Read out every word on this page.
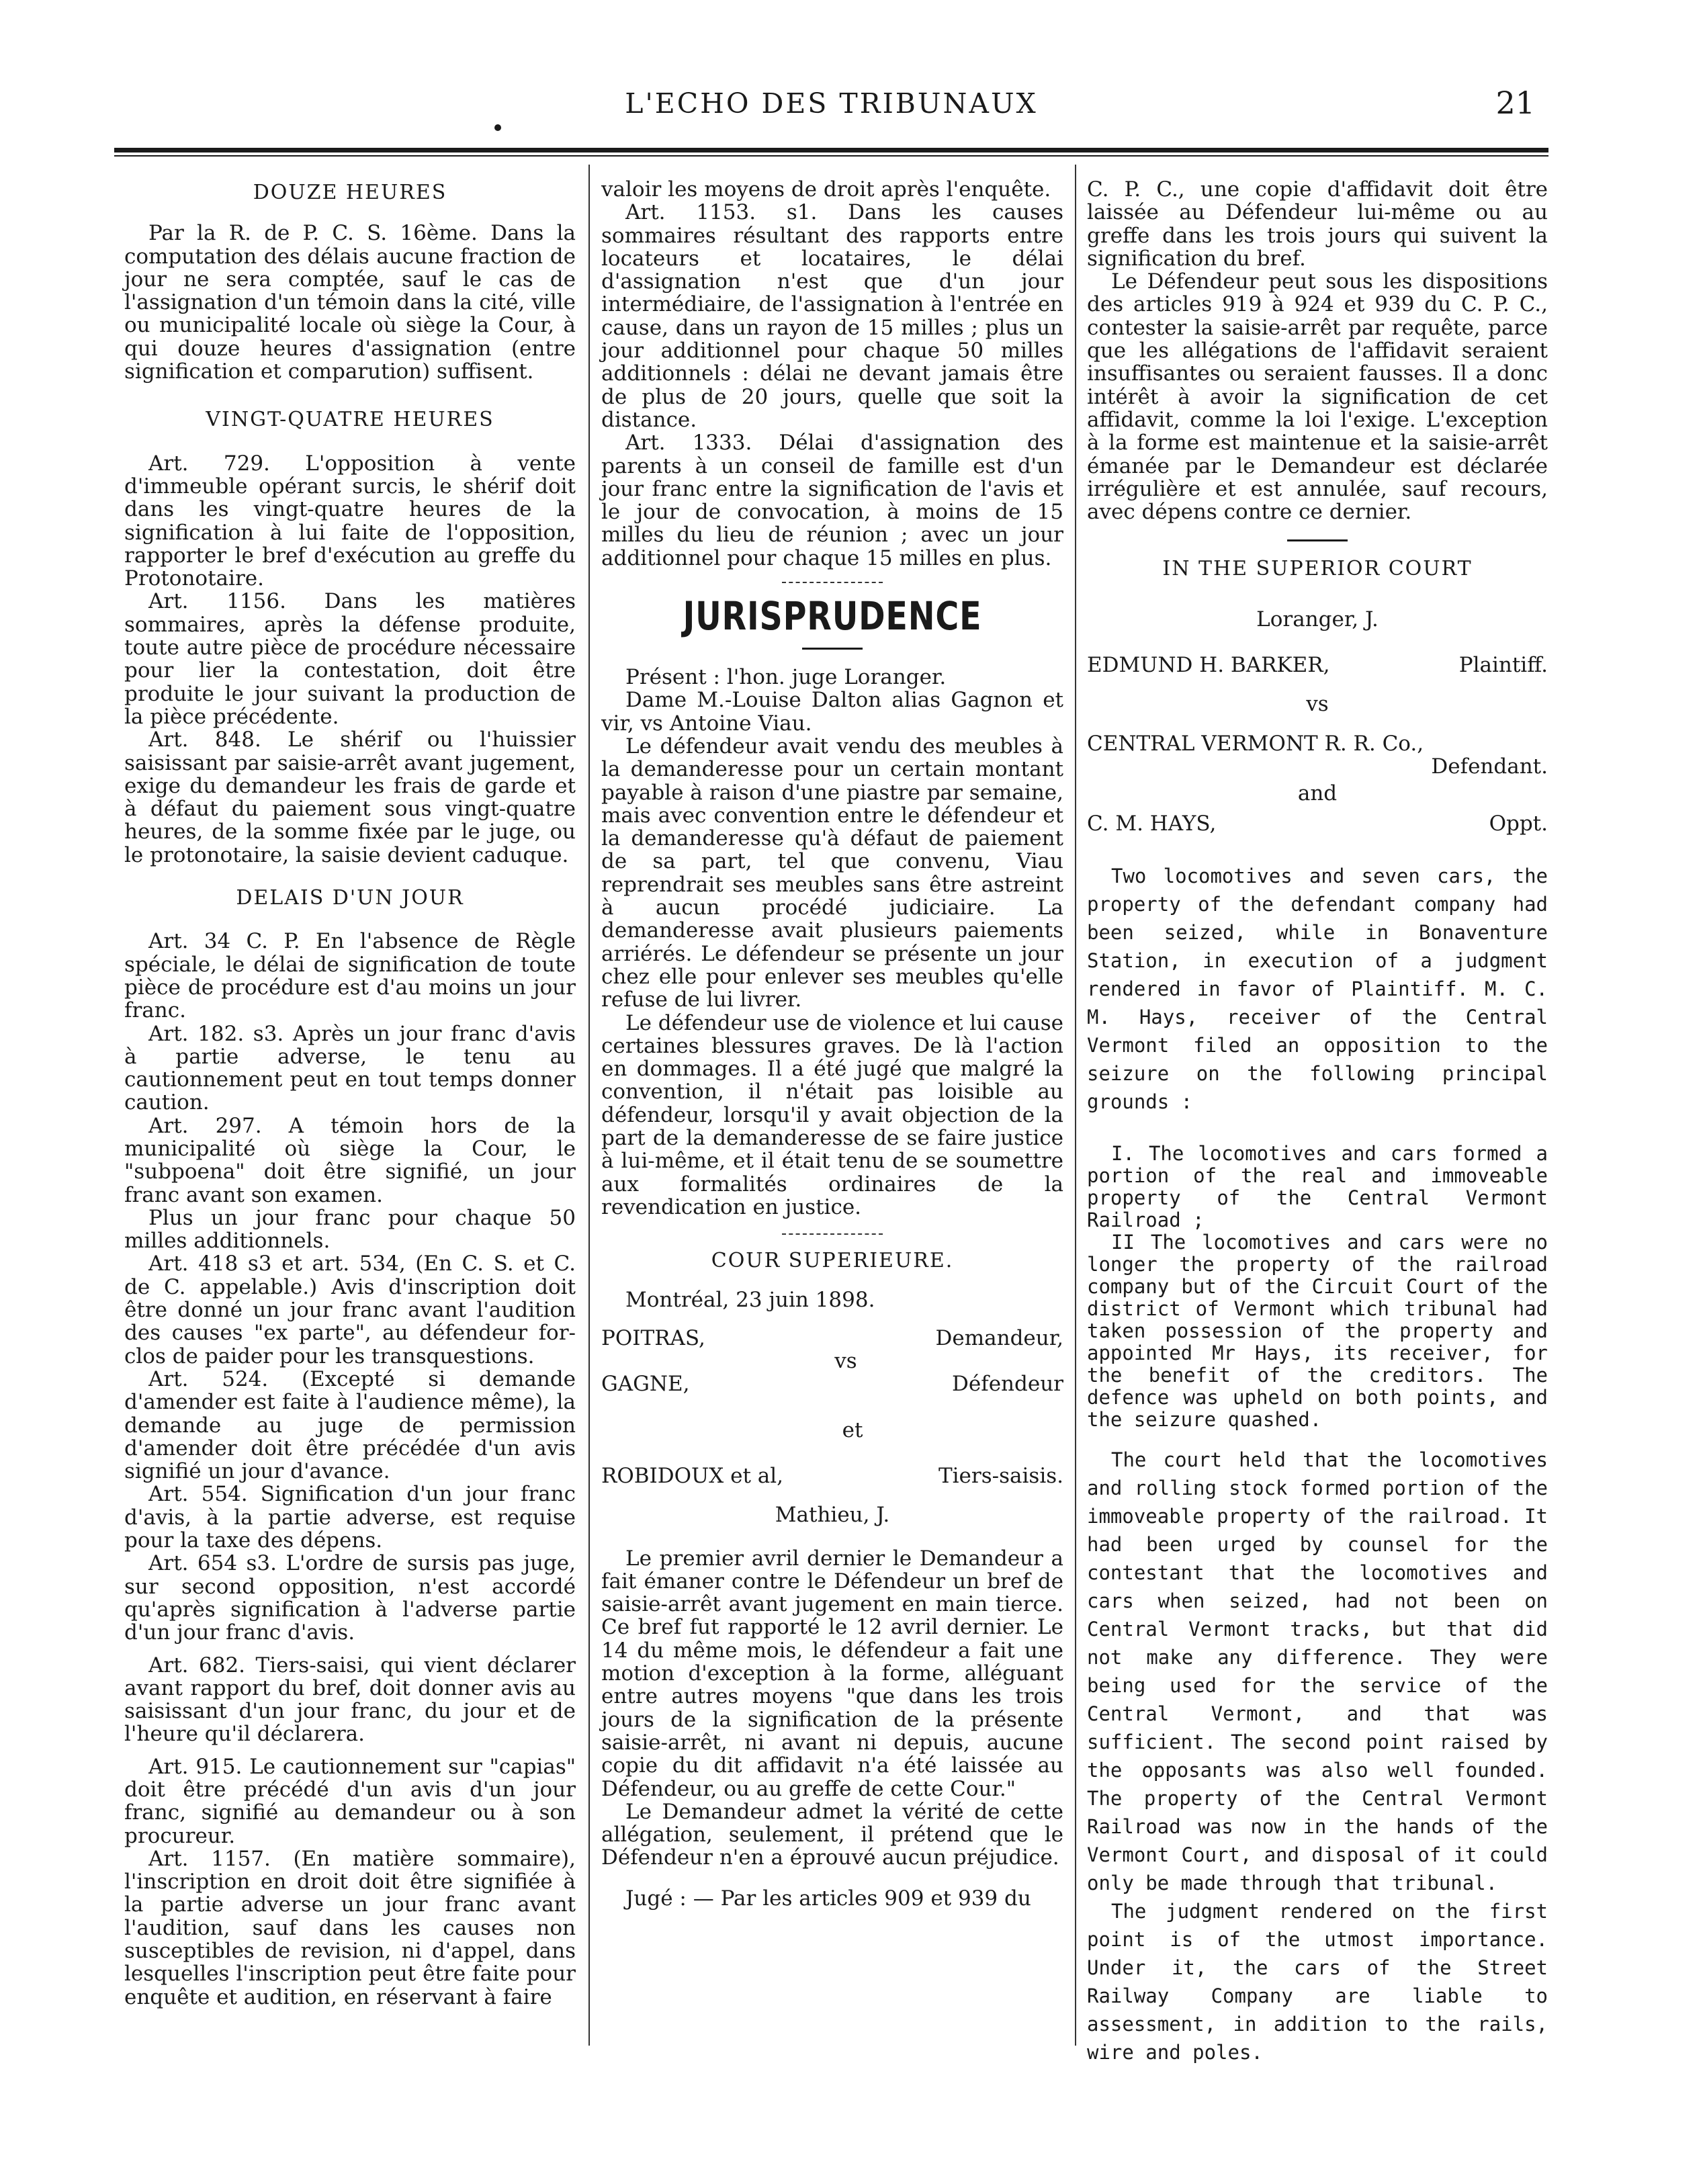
L'ECHO DES TRIBUNAUX	21
DOUZE HEURES

Par la R. de P. C. S. 16ème. Dans la computation des délais aucune fraction de jour ne sera comptée, sauf le cas de l'assignation d'un témoin dans la cité, ville ou municipalité locale où siège la Cour, à qui douze heures d'assignation (entre signification et comparution) suffisent.

VINGT-QUATRE HEURES

Art. 729. L'opposition à vente d'immeuble opérant surcis, le shérif doit dans les vingt-quatre heures de la signification à lui faite de l'opposition, rapporter le bref d'exécution au greffe du Protonotaire.

Art. 1156. Dans les matières sommaires, après la défense produite, toute autre pièce de procédure nécessaire pour lier la contestation, doit être produite le jour suivant la production de la pièce précédente.

Art. 848. Le shérif ou l'huissier saisissant par saisie-arrêt avant jugement, exige du demandeur les frais de garde et à défaut du paiement sous vingt-quatre heures, de la somme fixée par le juge, ou le protonotaire, la saisie devient caduque.

DELAIS D'UN JOUR

Art. 34 C. P. En l'absence de Règle spéciale, le délai de signification de toute pièce de procédure est d'au moins un jour franc.

Art. 182. s3. Après un jour franc d'avis à partie adverse, le tenu au cautionnement peut en tout temps donner caution.

Art. 297. A témoin hors de la municipalité où siège la Cour, le "subpoena" doit être signifié, un jour franc avant son examen.

Plus un jour franc pour chaque 50 milles additionnels.

Art. 418 s3 et art. 534, (En C. S. et C. de C. appelable.) Avis d'inscription doit être donné un jour franc avant l'audition des causes "ex parte", au défendeur for-clos de paider pour les transquestions.

Art. 524. (Excepté si demande d'amender est faite à l'audience même), la demande au juge de permission d'amender doit être précédée d'un avis signifié un jour d'avance.

Art. 554. Signification d'un jour franc d'avis, à la partie adverse, est requise pour la taxe des dépens.

Art. 654 s3. L'ordre de sursis pas juge, sur second opposition, n'est accordé qu'après signification à l'adverse partie d'un jour franc d'avis.

Art. 682. Tiers-saisi, qui vient déclarer avant rapport du bref, doit donner avis au saisissant d'un jour franc, du jour et de l'heure qu'il déclarera.

Art. 915. Le cautionnement sur "capias" doit être précédé d'un avis d'un jour franc, signifié au demandeur ou à son procureur.

Art. 1157. (En matière sommaire), l'inscription en droit doit être signifiée à la partie adverse un jour franc avant l'audition, sauf dans les causes non susceptibles de revision, ni d'appel, dans lesquelles l'inscription peut être faite pour enquête et audition, en réservant à faire

valoir les moyens de droit après l'enquête.

Art. 1153. s1. Dans les causes sommaires résultant des rapports entre locateurs et locataires, le délai d'assignation n'est que d'un jour intermédiaire, de l'assignation à l'entrée en cause, dans un rayon de 15 milles ; plus un jour additionnel pour chaque 50 milles additionnels : délai ne devant jamais être de plus de 20 jours, quelle que soit la distance.

Art. 1333. Délai d'assignation des parents à un conseil de famille est d'un jour franc entre la signification de l'avis et le jour de convocation, à moins de 15 milles du lieu de réunion ; avec un jour additionnel pour chaque 15 milles en plus.

JURISPRUDENCE

Présent : l'hon. juge Loranger.

Dame M.-Louise Dalton alias Gagnon et vir, vs Antoine Viau.

Le défendeur avait vendu des meubles à la demanderesse pour un certain montant payable à raison d'une piastre par semaine, mais avec convention entre le défendeur et la demanderesse qu'à défaut de paiement de sa part, tel que convenu, Viau reprendrait ses meubles sans être astreint à aucun procédé judiciaire. La demanderesse avait plusieurs paiements arriérés. Le défendeur se présente un jour chez elle pour enlever ses meubles qu'elle refuse de lui livrer.

Le défendeur use de violence et lui cause certaines blessures graves. De là l'action en dommages. Il a été jugé que malgré la convention, il n'était pas loisible au défendeur, lorsqu'il y avait objection de la part de la demanderesse de se faire justice à lui-même, et il était tenu de se soumettre aux formalités ordinaires de la revendication en justice.

COUR SUPERIEURE.

Montréal, 23 juin 1898.

POITRAS,	Demandeur,
vs
GAGNE,	Défendeur
et
ROBIDOUX et al,	Tiers-saisis.
Mathieu, J.

Le premier avril dernier le Demandeur a fait émaner contre le Défendeur un bref de saisie-arrêt avant jugement en main tierce. Ce bref fut rapporté le 12 avril dernier. Le 14 du même mois, le défendeur a fait une motion d'exception à la forme, alléguant entre autres moyens "que dans les trois jours de la signification de la présente saisie-arrêt, ni avant ni depuis, aucune copie du dit affidavit n'a été laissée au Défendeur, ou au greffe de cette Cour."

Le Demandeur admet la vérité de cette allégation, seulement, il prétend que le Défendeur n'en a éprouvé aucun préjudice.

Jugé : — Par les articles 909 et 939 du

C. P. C., une copie d'affidavit doit être laissée au Défendeur lui-même ou au greffe dans les trois jours qui suivent la signification du bref.

Le Défendeur peut sous les dispositions des articles 919 à 924 et 939 du C. P. C., contester la saisie-arrêt par requête, parce que les allégations de l'affidavit seraient insuffisantes ou seraient fausses. Il a donc intérêt à avoir la signification de cet affidavit, comme la loi l'exige. L'exception à la forme est maintenue et la saisie-arrêt émanée par le Demandeur est déclarée irrégulière et est annulée, sauf recours, avec dépens contre ce dernier.

IN THE SUPERIOR COURT
Loranger, J.
EDMUND H. BARKER,	Plaintiff.
vs
CENTRAL VERMONT R. R. Co.,
Defendant.
and
C. M. HAYS,	Oppt.

Two locomotives and seven cars, the property of the defendant company had been seized, while in Bonaventure Station, in execution of a judgment rendered in favor of Plaintiff. M. C. M. Hays, receiver of the Central Vermont filed an opposition to the seizure on the following principal grounds :

I. The locomotives and cars formed a portion of the real and immoveable property of the Central Vermont Railroad ;

II The locomotives and cars were no longer the property of the railroad company but of the Circuit Court of the district of Vermont which tribunal had taken possession of the property and appointed Mr Hays, its receiver, for the benefit of the creditors. The defence was upheld on both points, and the seizure quashed.

The court held that the locomotives and rolling stock formed portion of the immoveable property of the railroad. It had been urged by counsel for the contestant that the locomotives and cars when seized, had not been on Central Vermont tracks, but that did not make any difference. They were being used for the service of the Central Vermont, and that was sufficient. The second point raised by the opposants was also well founded. The property of the Central Vermont Railroad was now in the hands of the Vermont Court, and disposal of it could only be made through that tribunal.

The judgment rendered on the first point is of the utmost importance. Under it, the cars of the Street Railway Company are liable to assessment, in addition to the rails, wire and poles.
